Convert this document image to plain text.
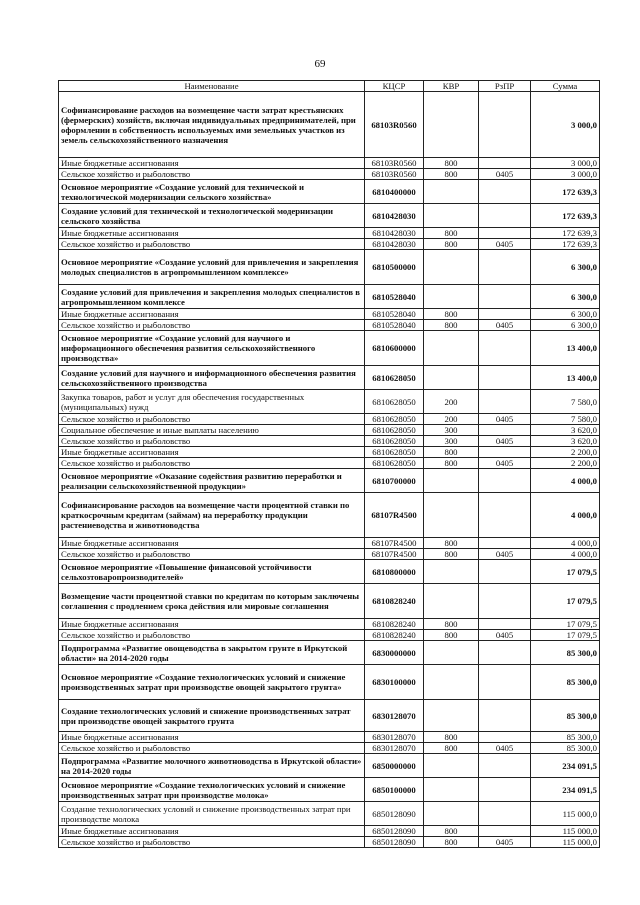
69
Наименование	КЦСР	КВР	РзПР	Сумма
Софинансирование расходов на возмещение части затрат крестьянских (фермерских) хозяйств, включая индивидуальных предпринимателей, при оформлении в собственность используемых ими земельных участков из земель сельскохозяйственного назначения	68103R0560			3 000,0
Иные бюджетные ассигнования	68103R0560	800		3 000,0
Сельское хозяйство и рыболовство	68103R0560	800	0405	3 000,0
Основное мероприятие «Создание условий для технической и технологической модернизации сельского хозяйства»	6810400000			172 639,3
Создание условий для технической и технологической модернизации сельского хозяйства	6810428030			172 639,3
Иные бюджетные ассигнования	6810428030	800		172 639,3
Сельское хозяйство и рыболовство	6810428030	800	0405	172 639,3
Основное мероприятие «Создание условий для привлечения и закрепления молодых специалистов в агропромышленном комплексе»	6810500000			6 300,0
Создание условий для привлечения и закрепления молодых специалистов в агропромышленном комплексе	6810528040			6 300,0
Иные бюджетные ассигнования	6810528040	800		6 300,0
Сельское хозяйство и рыболовство	6810528040	800	0405	6 300,0
Основное мероприятие «Создание условий для научного и информационного обеспечения развития сельскохозяйственного производства»	6810600000			13 400,0
Создание условий для научного и информационного обеспечения развития сельскохозяйственного производства	6810628050			13 400,0
Закупка товаров, работ и услуг для обеспечения государственных (муниципальных) нужд	6810628050	200		7 580,0
Сельское хозяйство и рыболовство	6810628050	200	0405	7 580,0
Социальное обеспечение и иные выплаты населению	6810628050	300		3 620,0
Сельское хозяйство и рыболовство	6810628050	300	0405	3 620,0
Иные бюджетные ассигнования	6810628050	800		2 200,0
Сельское хозяйство и рыболовство	6810628050	800	0405	2 200,0
Основное мероприятие «Оказание содействия развитию переработки и реализации сельскохозяйственной продукции»	6810700000			4 000,0
Софинансирование расходов на возмещение части процентной ставки по краткосрочным кредитам (займам) на переработку продукции растениеводства и животноводства	68107R4500			4 000,0
Иные бюджетные ассигнования	68107R4500	800		4 000,0
Сельское хозяйство и рыболовство	68107R4500	800	0405	4 000,0
Основное мероприятие «Повышение финансовой устойчивости сельхозтоваропроизводителей»	6810800000			17 079,5
Возмещение части процентной ставки по кредитам по которым заключены соглашения с продлением срока действия или мировые соглашения	6810828240			17 079,5
Иные бюджетные ассигнования	6810828240	800		17 079,5
Сельское хозяйство и рыболовство	6810828240	800	0405	17 079,5
Подпрограмма «Развитие овощеводства в закрытом грунте в Иркутской области» на 2014-2020 годы	6830000000			85 300,0
Основное мероприятие «Создание технологических условий и снижение производственных затрат при производстве овощей закрытого грунта»	6830100000			85 300,0
Создание технологических условий и снижение производственных затрат при производстве овощей закрытого грунта	6830128070			85 300,0
Иные бюджетные ассигнования	6830128070	800		85 300,0
Сельское хозяйство и рыболовство	6830128070	800	0405	85 300,0
Подпрограмма «Развитие молочного животноводства в Иркутской области» на 2014-2020 годы	6850000000			234 091,5
Основное мероприятие «Создание технологических условий и снижение производственных затрат при производстве молока»	6850100000			234 091,5
Создание технологических условий и снижение производственных затрат при производстве молока	6850128090			115 000,0
Иные бюджетные ассигнования	6850128090	800		115 000,0
Сельское хозяйство и рыболовство	6850128090	800	0405	115 000,0
